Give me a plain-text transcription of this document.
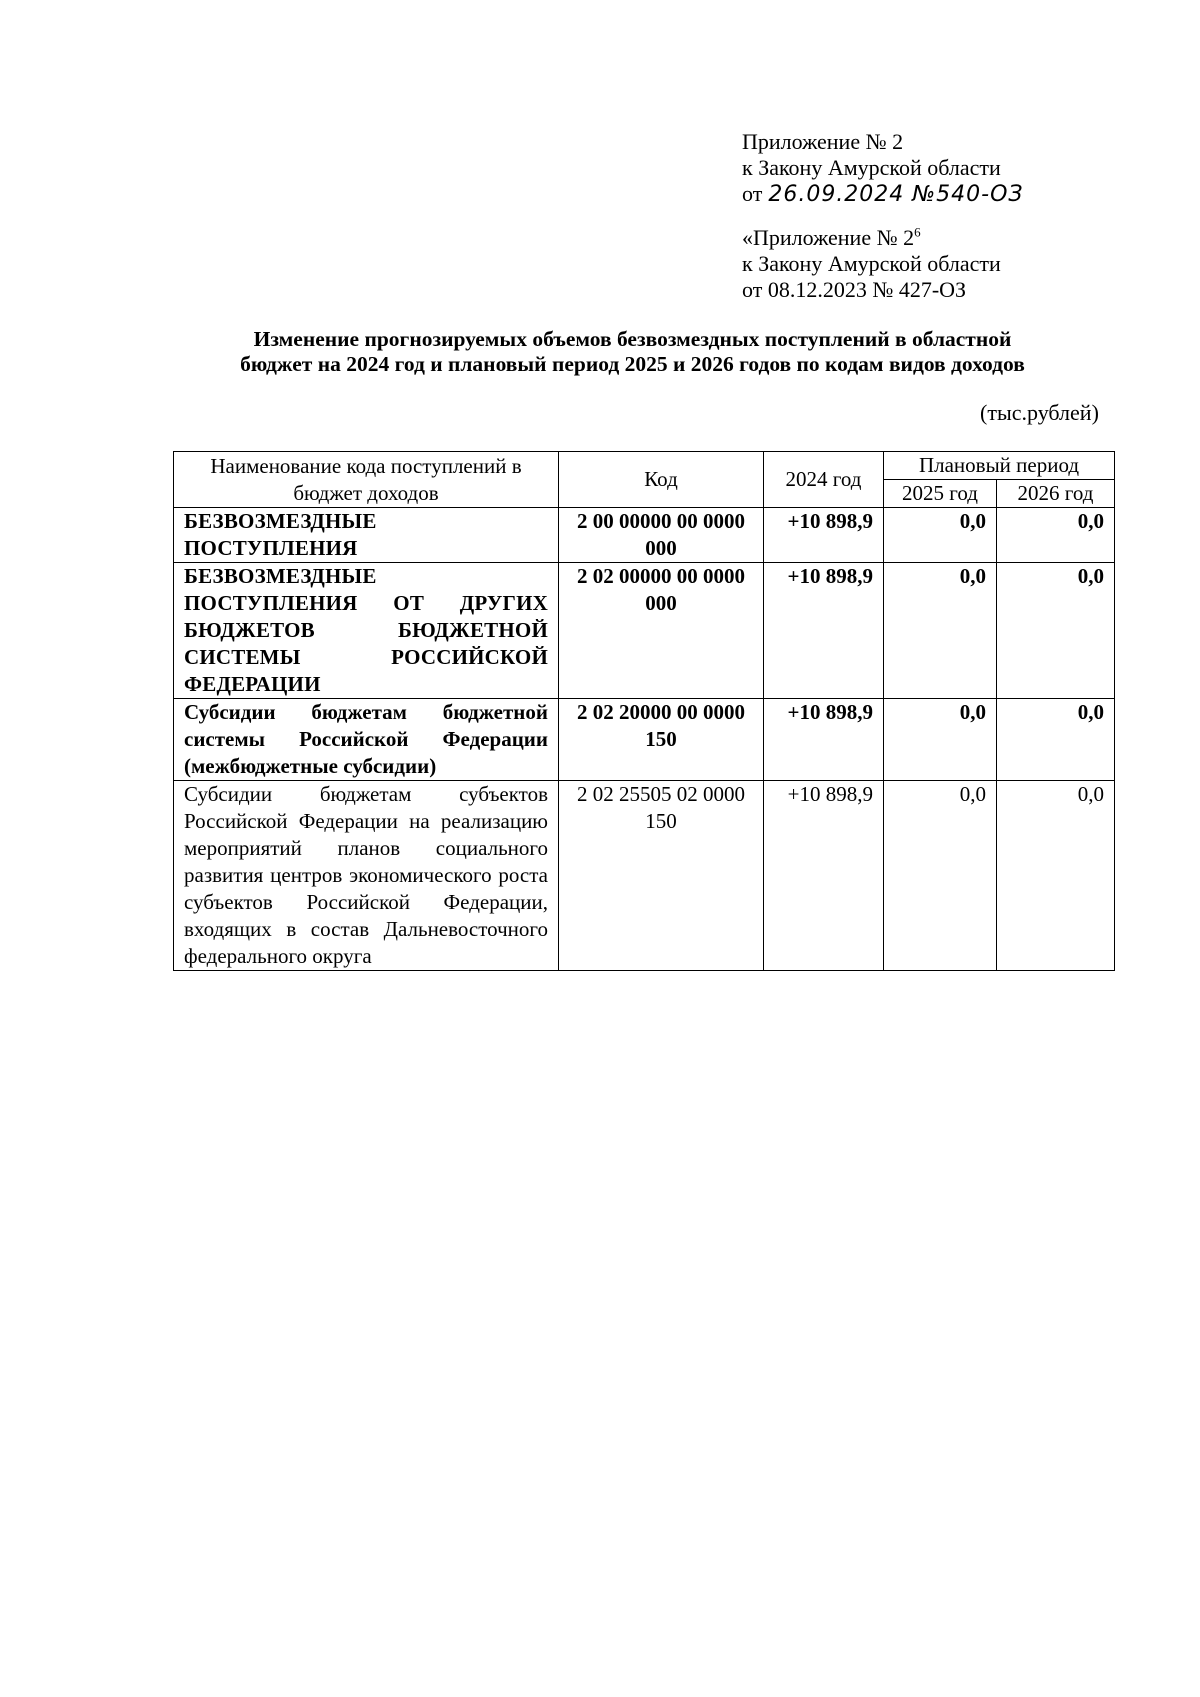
Приложение № 2
к Закону Амурской области
от 26.09.2024 №540-ОЗ
«Приложение № $2^6$
к Закону Амурской области
от 08.12.2023 № 427-ОЗ
Изменение прогнозируемых объемов безвозмездных поступлений в областной
бюджет на 2024 год и плановый период 2025 и 2026 годов по кодам видов доходов
(тыс.рублей)
Наименование кода поступлений в бюджет доходов	Код	2024 год	Плановый период	
			2025 год	2026 год
БЕЗВОЗМЕЗДНЫЕ ПОСТУПЛЕНИЯ	2 00 00000 00 0000 000	+10 898,9	0,0	0,0
БЕЗВОЗМЕЗДНЫЕ ПОСТУПЛЕНИЯ ОТ ДРУГИХ БЮДЖЕТОВ БЮДЖЕТНОЙ СИСТЕМЫ РОССИЙСКОЙ ФЕДЕРАЦИИ	2 02 00000 00 0000 000	+10 898,9	0,0	0,0
Субсидии бюджетам бюджетной системы Российской Федерации (межбюджетные субсидии)	2 02 20000 00 0000 150	+10 898,9	0,0	0,0
Субсидии бюджетам субъектов Российской Федерации на реализацию мероприятий планов социального развития центров экономического роста субъектов Российской Федерации, входящих в состав Дальневосточного федерального округа	2 02 25505 02 0000 150	+10 898,9	0,0	0,0
